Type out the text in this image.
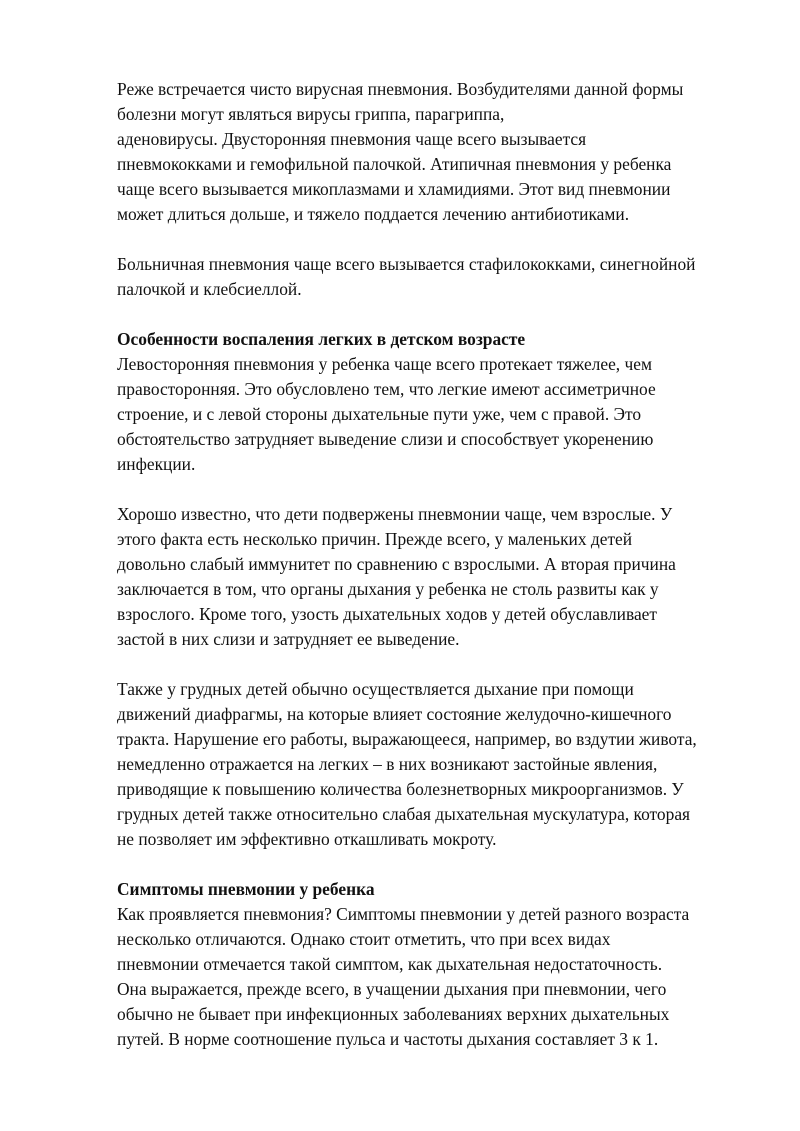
Реже встречается чисто вирусная пневмония. Возбудителями данной формы
болезни могут являться вирусы гриппа, парагриппа,
аденовирусы. Двусторонняя пневмония чаще всего вызывается
пневмококками и гемофильной палочкой. Атипичная пневмония у ребенка
чаще всего вызывается микоплазмами и хламидиями. Этот вид пневмонии
может длиться дольше, и тяжело поддается лечению антибиотиками.
Больничная пневмония чаще всего вызывается стафилококками, синегнойной
палочкой и клебсиеллой.
Особенности воспаления легких в детском возрасте
Левосторонняя пневмония у ребенка чаще всего протекает тяжелее, чем
правосторонняя. Это обусловлено тем, что легкие имеют ассиметричное
строение, и с левой стороны дыхательные пути уже, чем с правой. Это
обстоятельство затрудняет выведение слизи и способствует укоренению
инфекции.
Хорошо известно, что дети подвержены пневмонии чаще, чем взрослые. У
этого факта есть несколько причин. Прежде всего, у маленьких детей
довольно слабый иммунитет по сравнению с взрослыми. А вторая причина
заключается в том, что органы дыхания у ребенка не столь развиты как у
взрослого. Кроме того, узость дыхательных ходов у детей обуславливает
застой в них слизи и затрудняет ее выведение.
Также у грудных детей обычно осуществляется дыхание при помощи
движений диафрагмы, на которые влияет состояние желудочно-кишечного
тракта. Нарушение его работы, выражающееся, например, во вздутии живота,
немедленно отражается на легких – в них возникают застойные явления,
приводящие к повышению количества болезнетворных микроорганизмов. У
грудных детей также относительно слабая дыхательная мускулатура, которая
не позволяет им эффективно откашливать мокроту.
Симптомы пневмонии у ребенка
Как проявляется пневмония? Симптомы пневмонии у детей разного возраста
несколько отличаются. Однако стоит отметить, что при всех видах
пневмонии отмечается такой симптом, как дыхательная недостаточность.
Она выражается, прежде всего, в учащении дыхания при пневмонии, чего
обычно не бывает при инфекционных заболеваниях верхних дыхательных
путей. В норме соотношение пульса и частоты дыхания составляет 3 к 1.
